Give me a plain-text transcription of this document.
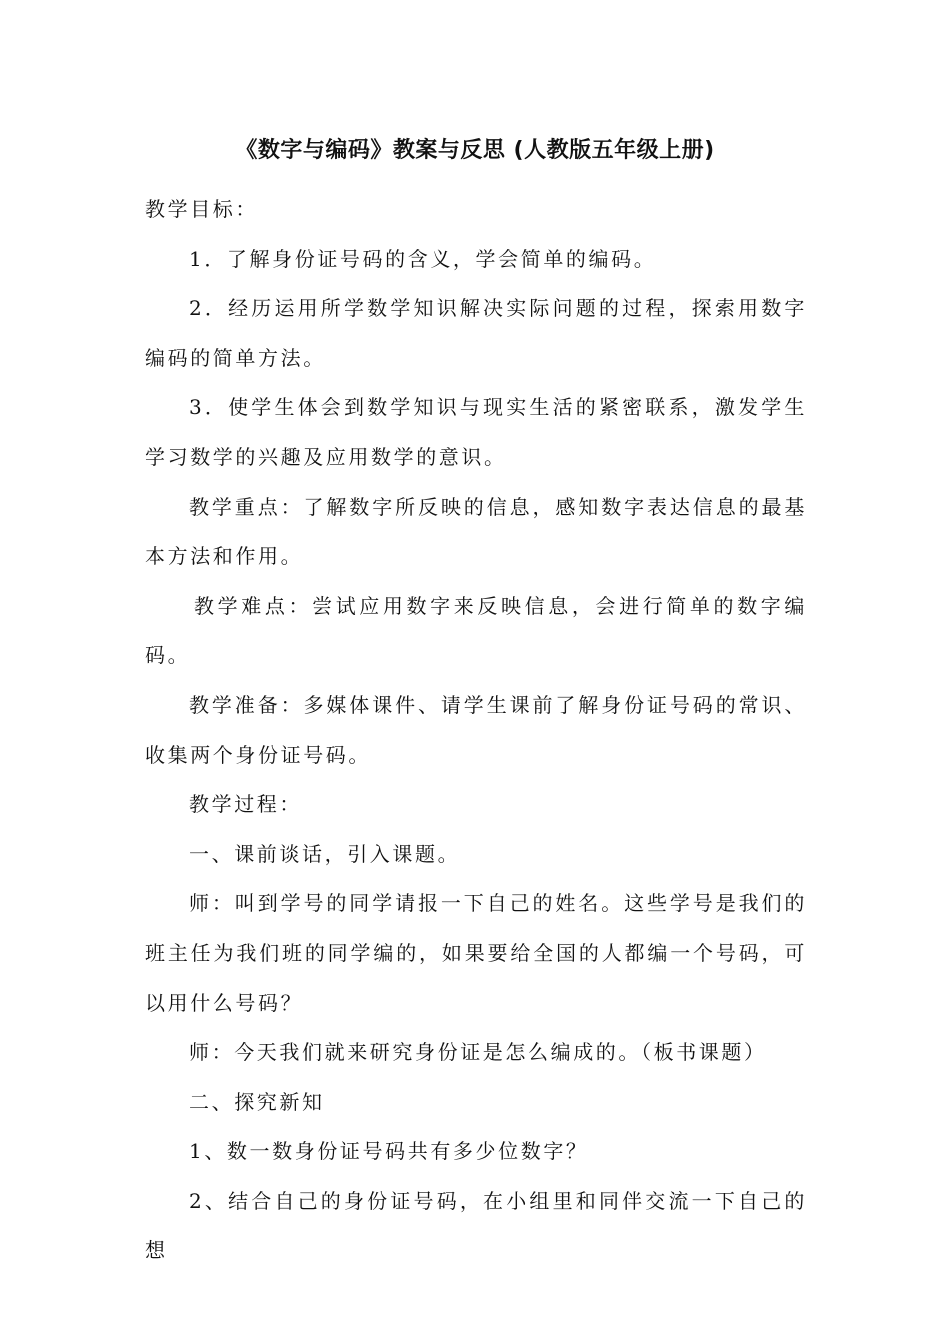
《数字与编码》教案与反思 (人教版五年级上册)

教学目标：

1．了解身份证号码的含义，学会简单的编码。

2．经历运用所学数学知识解决实际问题的过程，探索用数字编码的简单方法。

3．使学生体会到数学知识与现实生活的紧密联系，激发学生学习数学的兴趣及应用数学的意识。

教学重点：了解数字所反映的信息，感知数字表达信息的最基本方法和作用。

教学难点：尝试应用数字来反映信息，会进行简单的数字编码。

教学准备：多媒体课件、请学生课前了解身份证号码的常识、收集两个身份证号码。

教学过程：

一、课前谈话，引入课题。

师：叫到学号的同学请报一下自己的姓名。这些学号是我们的班主任为我们班的同学编的，如果要给全国的人都编一个号码，可以用什么号码？

师：今天我们就来研究身份证是怎么编成的。（板书课题）

二、探究新知

1、数一数身份证号码共有多少位数字？

2、结合自己的身份证号码，在小组里和同伴交流一下自己的想
